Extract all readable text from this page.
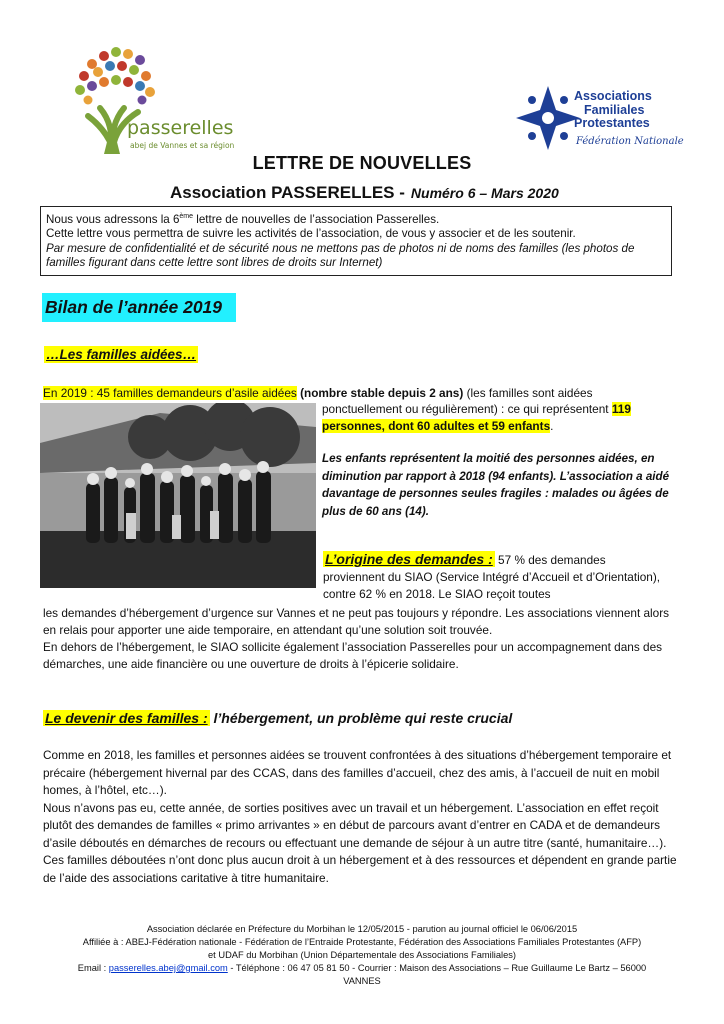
passerelles
abej de Vannes et sa région
Associations
Familiales
Protestantes
Fédération Nationale
LETTRE DE NOUVELLES
Association PASSERELLES - Numéro 6 – Mars 2020
Nous vous adressons la 6ème lettre de nouvelles de l’association Passerelles.
Cette lettre vous permettra de suivre les activités de l’association, de vous y associer et de les soutenir.
Par mesure de confidentialité et de sécurité nous ne mettons pas de photos ni de noms des familles (les photos de familles figurant dans cette lettre sont libres de droits sur Internet)
Bilan de l’année 2019
…Les familles aidées…
En 2019 : 45 familles demandeurs d’asile aidées (nombre stable depuis 2 ans) (les familles sont aidées
ponctuellement ou régulièrement) : ce qui représentent 119 personnes, dont 60 adultes et 59 enfants.
Les enfants représentent la moitié des personnes aidées, en diminution par rapport à 2018 (94 enfants). L’association a aidé davantage de personnes seules fragiles : malades ou âgées de plus de 60 ans (14).
L’origine des demandes : 57 % des demandes
proviennent du SIAO (Service Intégré d’Accueil et d’Orientation), contre 62 % en 2018. Le SIAO reçoit toutes
les demandes d’hébergement d’urgence sur Vannes et ne peut pas toujours y répondre. Les associations viennent alors en relais pour apporter une aide temporaire, en attendant qu’une solution soit trouvée.
En dehors de l’hébergement, le SIAO sollicite également l’association Passerelles pour un accompagnement dans des démarches, une aide financière ou une ouverture de droits à l’épicerie solidaire.
Le devenir des familles : l’hébergement, un problème qui reste crucial
Comme en 2018, les familles et personnes aidées se trouvent confrontées à des situations d’hébergement temporaire et précaire (hébergement hivernal par des CCAS, dans des familles d’accueil, chez des amis, à l’accueil de nuit en mobil homes, à l’hôtel, etc…).
Nous n’avons pas eu, cette année, de sorties positives avec un travail et un hébergement. L’association en effet reçoit plutôt des demandes de familles « primo arrivantes » en début de parcours avant d’entrer en CADA et de demandeurs d’asile déboutés en démarches de recours ou effectuant une demande de séjour à un autre titre (santé, humanitaire…).
Ces familles déboutées n’ont donc plus aucun droit à un hébergement et à des ressources et dépendent en grande partie de l’aide des associations caritative à titre humanitaire.
Association déclarée en Préfecture du Morbihan le 12/05/2015 - parution au journal officiel le 06/06/2015
Affiliée à : ABEJ-Fédération nationale - Fédération de l’Entraide Protestante, Fédération des Associations Familiales Protestantes (AFP)
et UDAF du Morbihan (Union Départementale des Associations Familiales)
Email : passerelles.abej@gmail.com - Téléphone : 06 47 05 81 50 - Courrier : Maison des Associations – Rue Guillaume Le Bartz – 56000
VANNES
